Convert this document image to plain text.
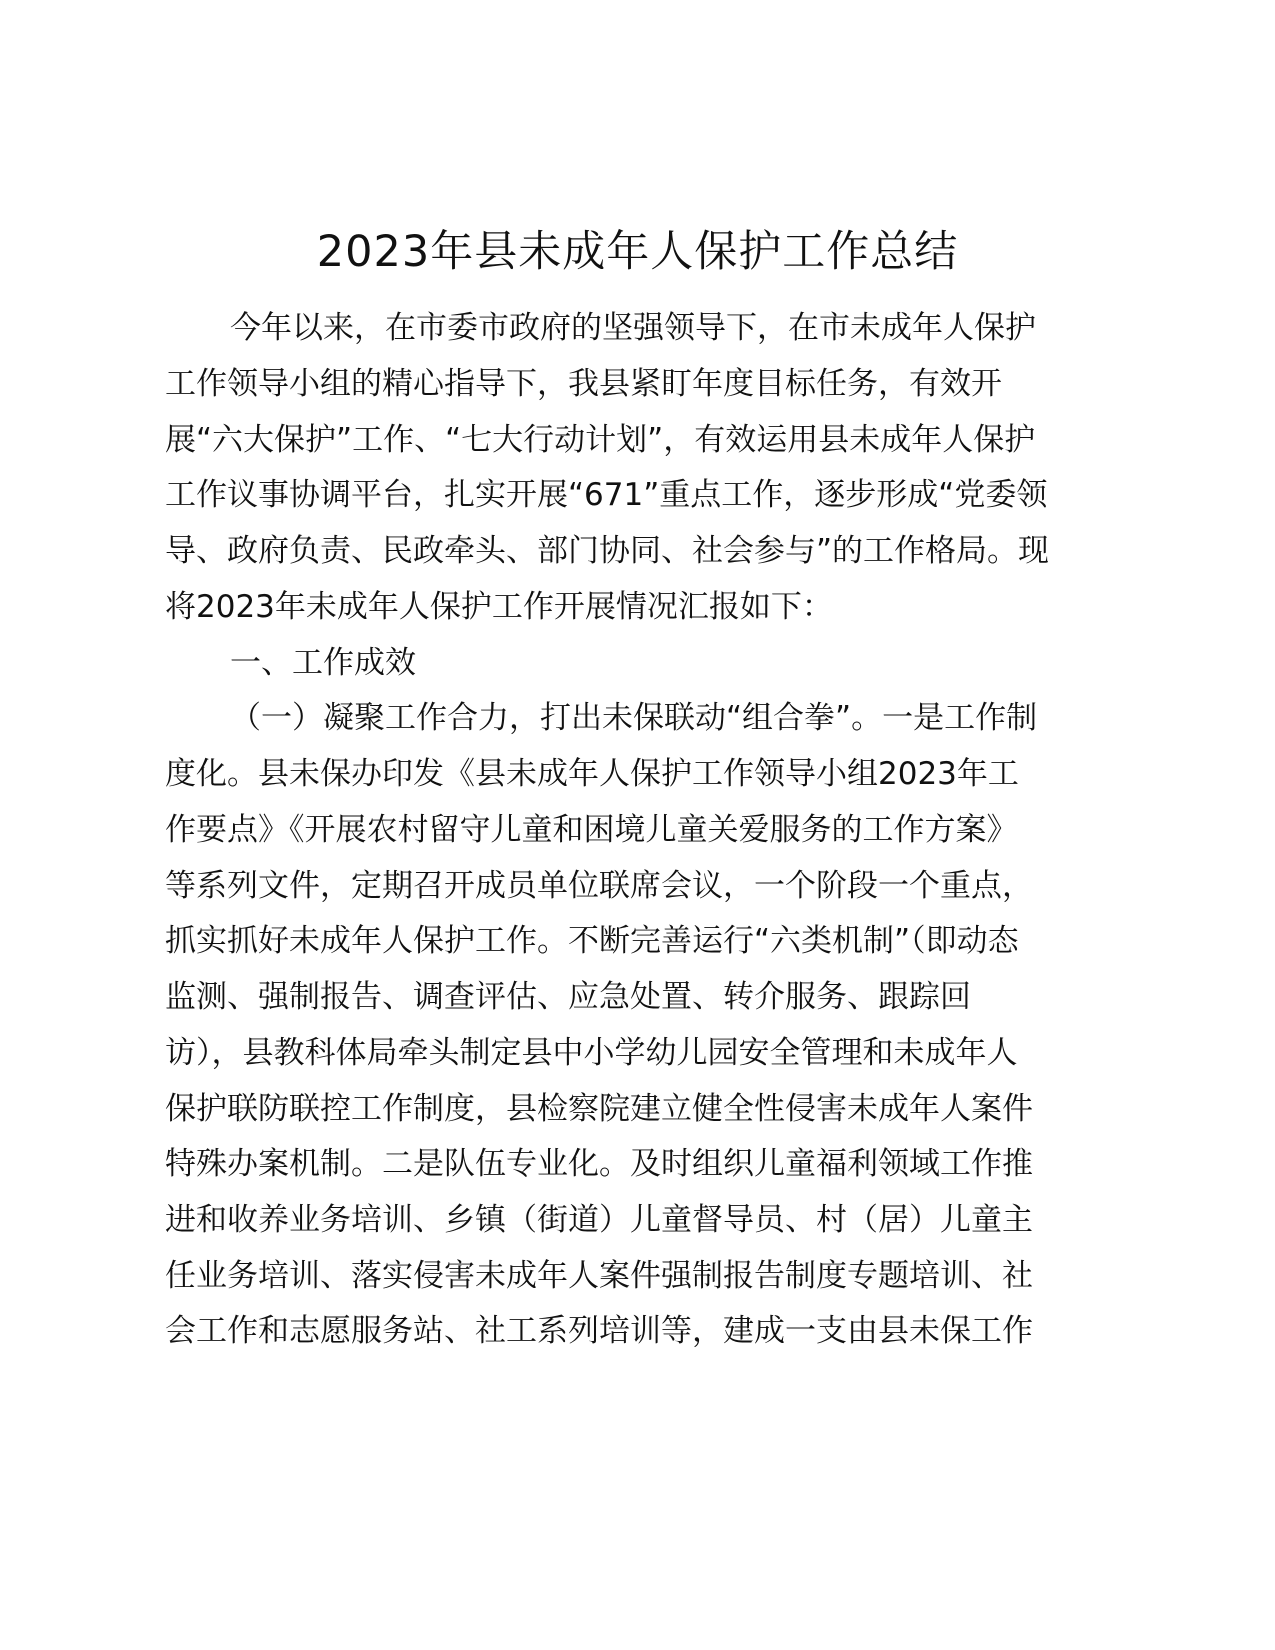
2023年县未成年人保护工作总结

今年以来，在市委市政府的坚强领导下，在市未成年人保护

工作领导小组的精心指导下，我县紧盯年度目标任务，有效开

展“六大保护”工作、“七大行动计划”，有效运用县未成年人保护

工作议事协调平台，扎实开展“671”重点工作，逐步形成“党委领

导、政府负责、民政牵头、部门协同、社会参与”的工作格局。现

将2023年未成年人保护工作开展情况汇报如下：

一、工作成效

（一）凝聚工作合力，打出未保联动“组合拳”。一是工作制

度化。县未保办印发《县未成年人保护工作领导小组2023年工

作要点》《开展农村留守儿童和困境儿童关爱服务的工作方案》

等系列文件，定期召开成员单位联席会议，一个阶段一个重点，

抓实抓好未成年人保护工作。不断完善运行“六类机制”（即动态

监测、强制报告、调查评估、应急处置、转介服务、跟踪回

访），县教科体局牵头制定县中小学幼儿园安全管理和未成年人

保护联防联控工作制度，县检察院建立健全性侵害未成年人案件

特殊办案机制。二是队伍专业化。及时组织儿童福利领域工作推

进和收养业务培训、乡镇（街道）儿童督导员、村（居）儿童主

任业务培训、落实侵害未成年人案件强制报告制度专题培训、社

会工作和志愿服务站、社工系列培训等，建成一支由县未保工作
